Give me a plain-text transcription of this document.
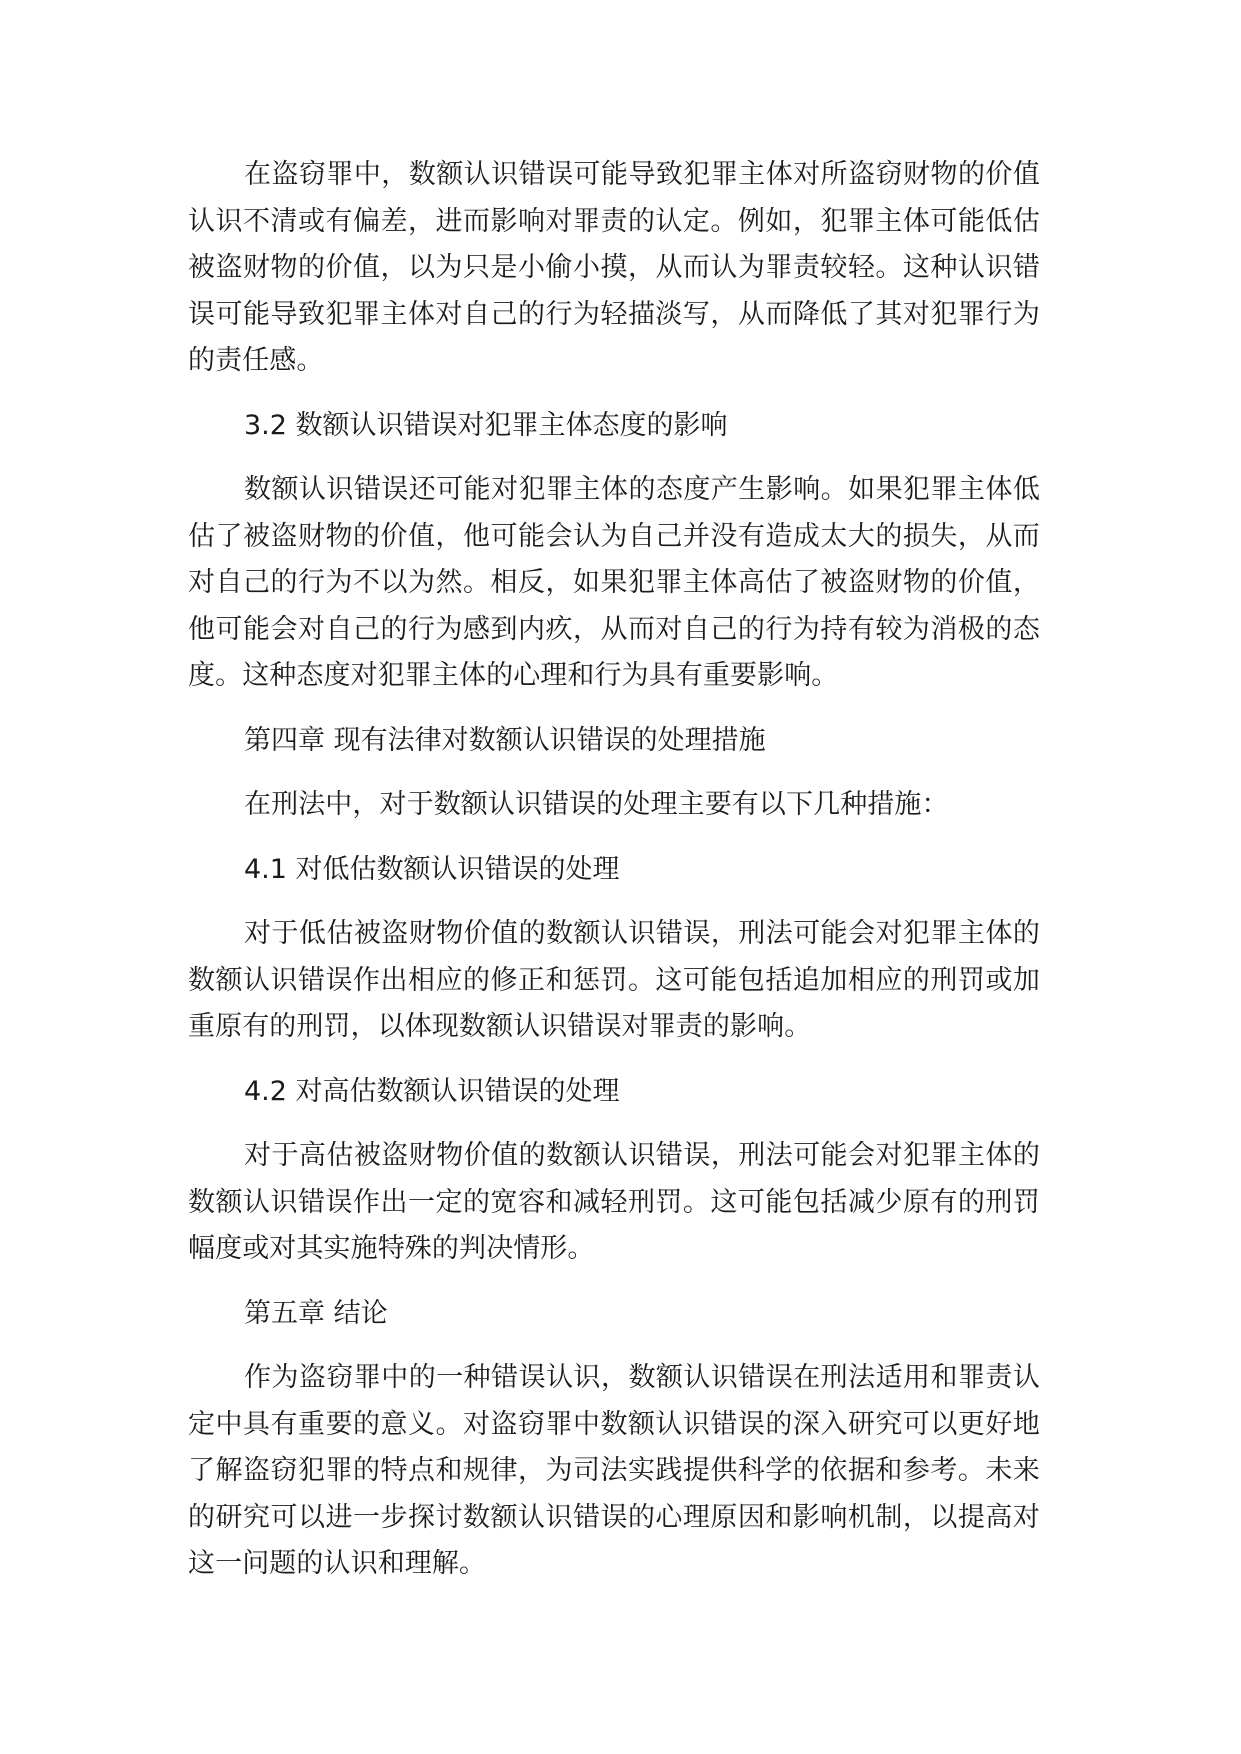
在盗窃罪中，数额认识错误可能导致犯罪主体对所盗窃财物的价值认识不清或有偏差，进而影响对罪责的认定。例如，犯罪主体可能低估被盗财物的价值，以为只是小偷小摸，从而认为罪责较轻。这种认识错误可能导致犯罪主体对自己的行为轻描淡写，从而降低了其对犯罪行为的责任感。

3.2 数额认识错误对犯罪主体态度的影响

数额认识错误还可能对犯罪主体的态度产生影响。如果犯罪主体低估了被盗财物的价值，他可能会认为自己并没有造成太大的损失，从而对自己的行为不以为然。相反，如果犯罪主体高估了被盗财物的价值，他可能会对自己的行为感到内疚，从而对自己的行为持有较为消极的态度。这种态度对犯罪主体的心理和行为具有重要影响。

第四章 现有法律对数额认识错误的处理措施

在刑法中，对于数额认识错误的处理主要有以下几种措施：

4.1 对低估数额认识错误的处理

对于低估被盗财物价值的数额认识错误，刑法可能会对犯罪主体的数额认识错误作出相应的修正和惩罚。这可能包括追加相应的刑罚或加重原有的刑罚，以体现数额认识错误对罪责的影响。

4.2 对高估数额认识错误的处理

对于高估被盗财物价值的数额认识错误，刑法可能会对犯罪主体的数额认识错误作出一定的宽容和减轻刑罚。这可能包括减少原有的刑罚幅度或对其实施特殊的判决情形。

第五章 结论

作为盗窃罪中的一种错误认识，数额认识错误在刑法适用和罪责认定中具有重要的意义。对盗窃罪中数额认识错误的深入研究可以更好地了解盗窃犯罪的特点和规律，为司法实践提供科学的依据和参考。未来的研究可以进一步探讨数额认识错误的心理原因和影响机制，以提高对这一问题的认识和理解。
